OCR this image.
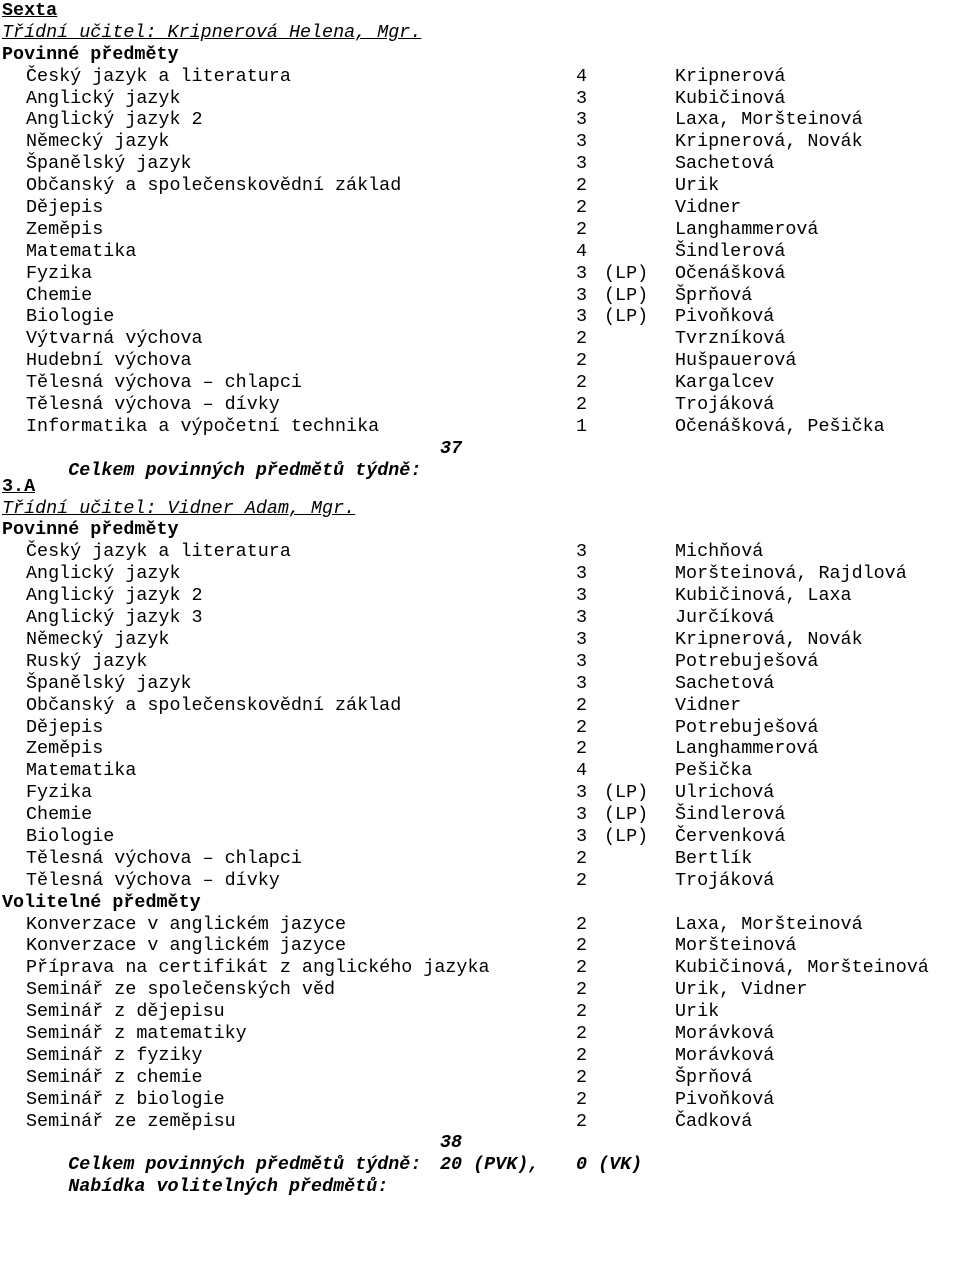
Sexta
Třídní učitel: Kripnerová Helena, Mgr.
Povinné předměty
Český jazyk a literatura	4	Kripnerová
Anglický jazyk	3	Kubičinová
Anglický jazyk 2	3	Laxa, Moršteinová
Německý jazyk	3	Kripnerová, Novák
Španělský jazyk	3	Sachetová
Občanský a společenskovědní základ	2	Urik
Dějepis	2	Vidner
Zeměpis	2	Langhammerová
Matematika	4	Šindlerová
Fyzika	3 (LP) Očenášková
Chemie	3 (LP) Šprňová
Biologie	3 (LP) Pivoňková
Výtvarná výchova	2	Tvrzníková
Hudební výchova	2	Hušpauerová
Tělesná výchova – chlapci	2	Kargalcev
Tělesná výchova – dívky	2	Trojáková
Informatika a výpočetní technika	1	Očenášková, Pešička

Celkem povinných předmětů týdně:

37

3.A
Třídní učitel: Vidner Adam, Mgr.
Povinné předměty
Český jazyk a literatura	3	Michňová
Anglický jazyk	3	Moršteinová, Rajdlová
Anglický jazyk 2	3	Kubičinová, Laxa
Anglický jazyk 3	3	Jurčíková
Německý jazyk	3	Kripnerová, Novák
Ruský jazyk	3	Potrebuješová
Španělský jazyk	3	Sachetová
Občanský a společenskovědní základ	2	Vidner
Dějepis	2	Potrebuješová
Zeměpis	2	Langhammerová
Matematika	4	Pešička
Fyzika	3 (LP) Ulrichová
Chemie	3 (LP) Šindlerová
Biologie	3 (LP) Červenková
Tělesná výchova – chlapci	2	Bertlík
Tělesná výchova – dívky	2	Trojáková
Volitelné předměty
Konverzace v anglickém jazyce	2	Laxa, Moršteinová
Konverzace v anglickém jazyce	2	Moršteinová
Příprava na certifikát z anglického jazyka	2	Kubičinová, Moršteinová
Seminář ze společenských věd	2	Urik, Vidner
Seminář z dějepisu	2	Urik
Seminář z matematiky	2	Morávková
Seminář z fyziky	2	Morávková
Seminář z chemie	2	Šprňová
Seminář z biologie	2	Pivoňková
Seminář ze zeměpisu	2	Čadková

Celkem povinných předmětů týdně:

38

Nabídka volitelných předmětů:

20 (PVK),

0 (VK)
